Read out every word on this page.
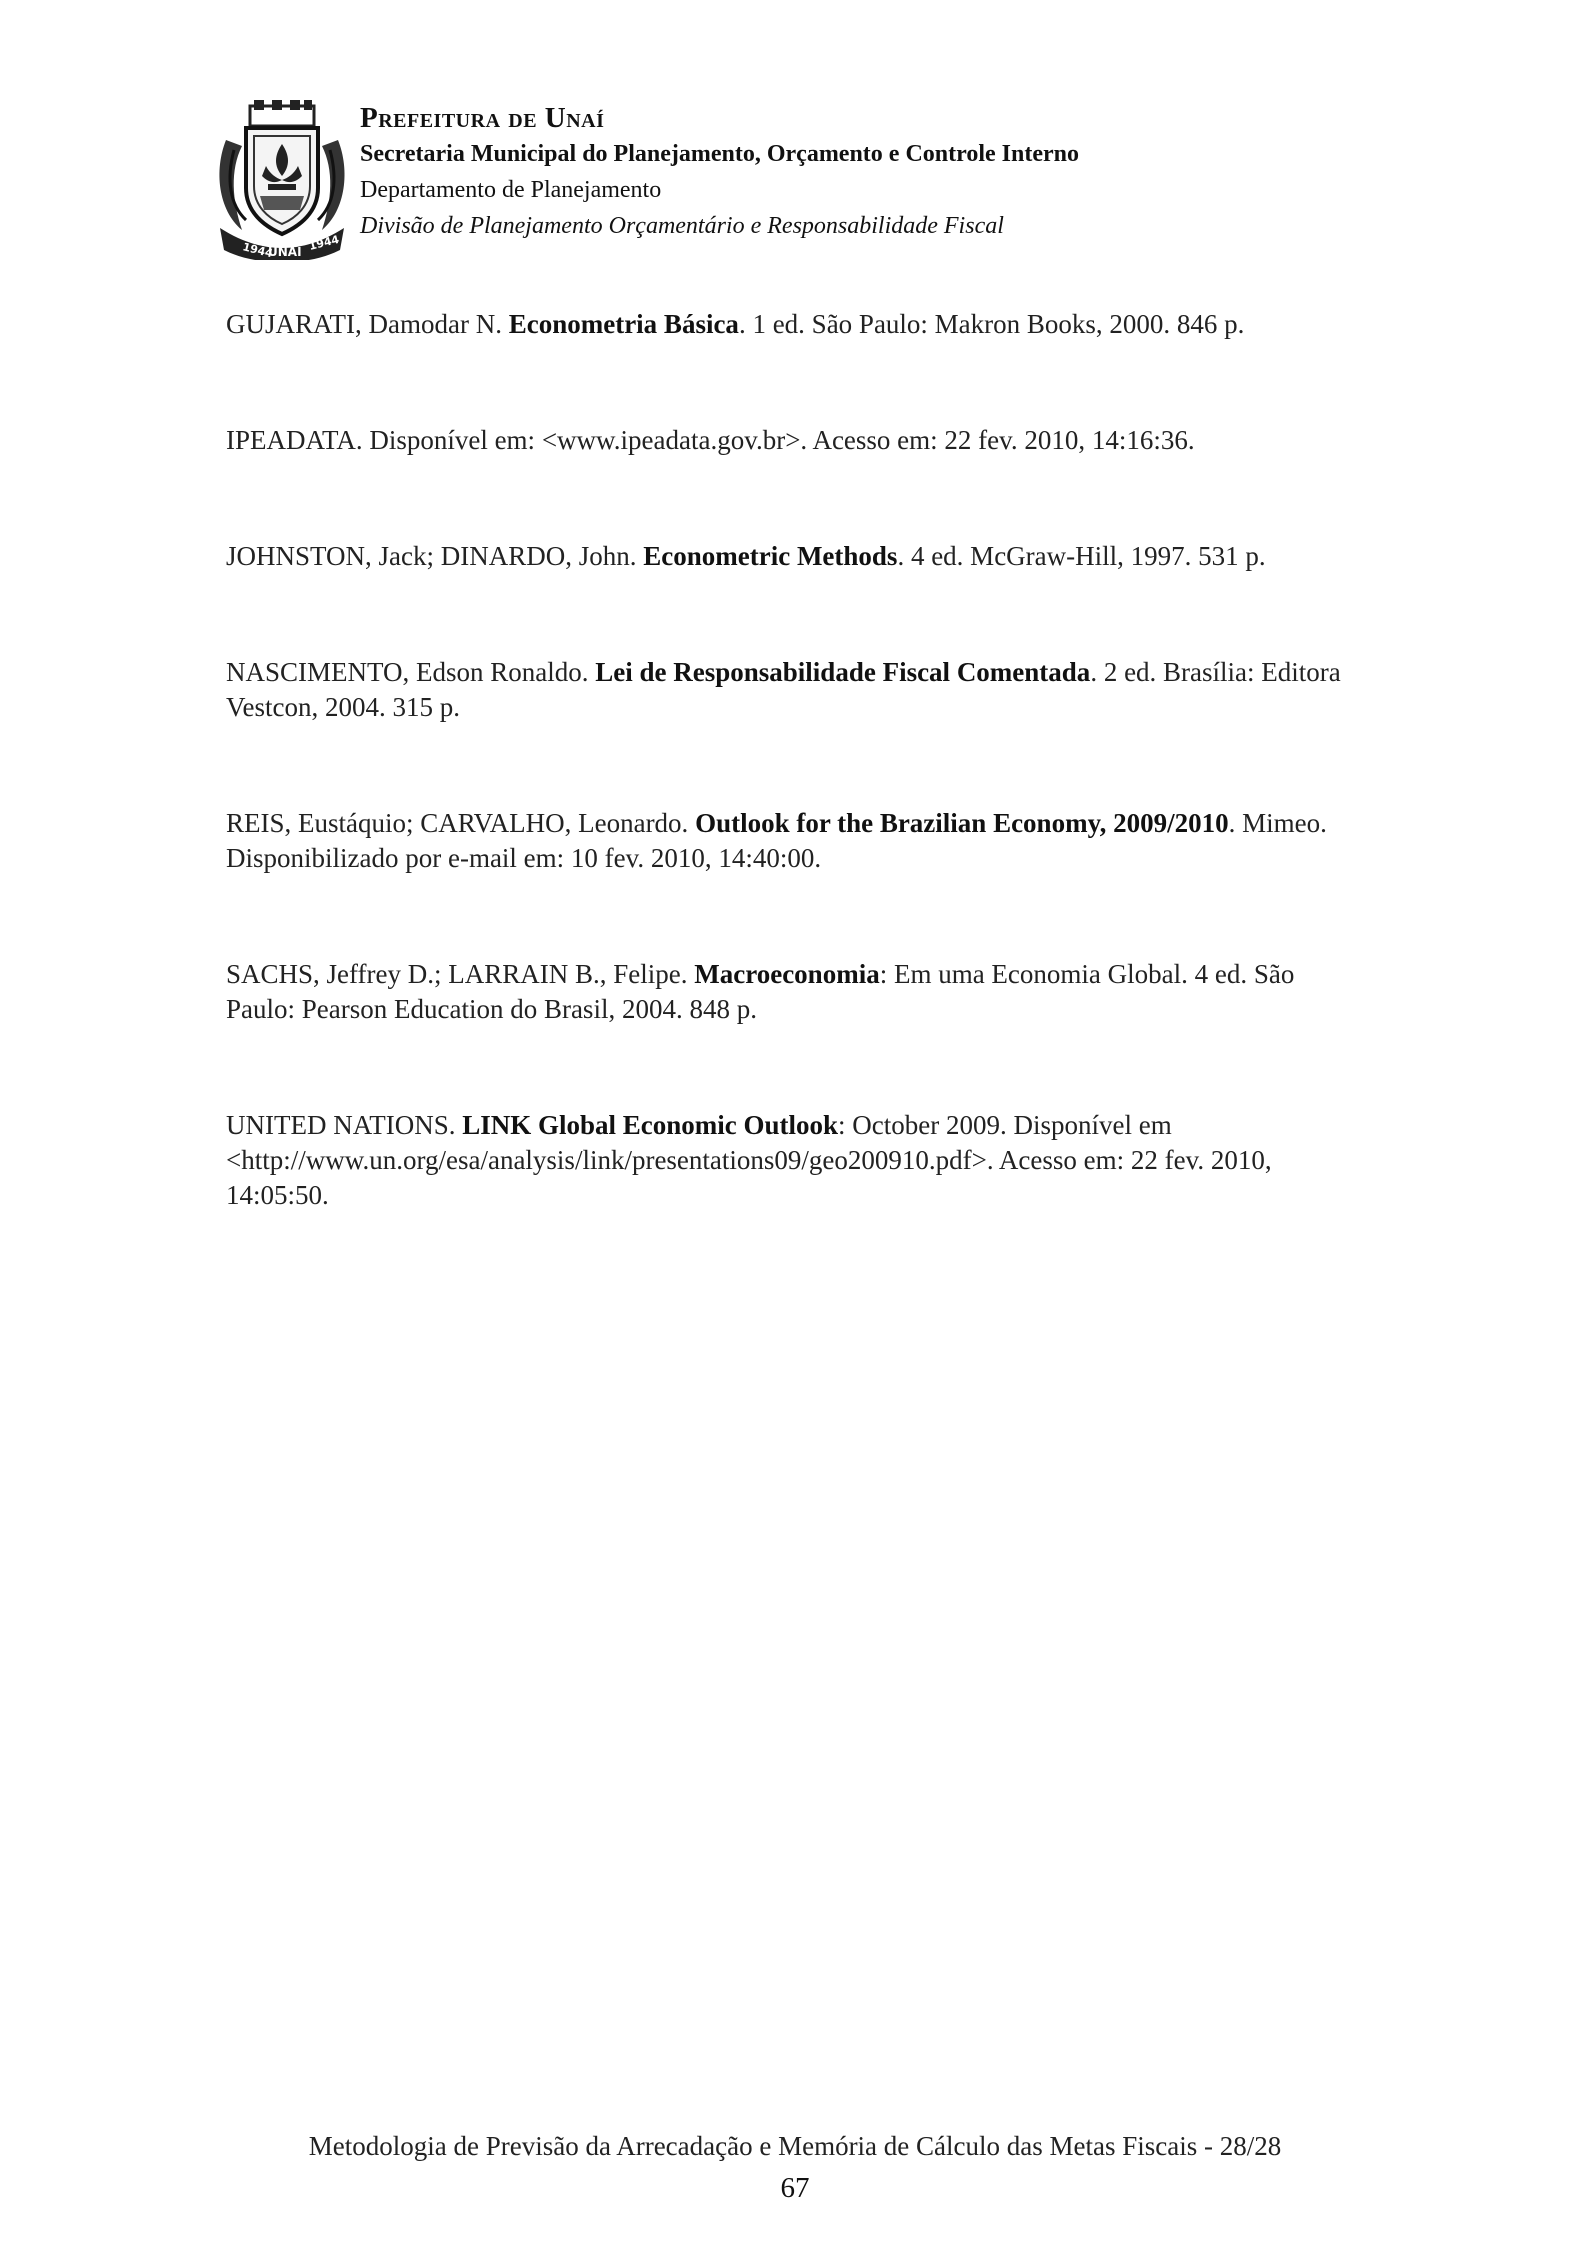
1944
UNAÍ 1944
Prefeitura de Unaí
Secretaria Municipal do Planejamento, Orçamento e Controle Interno
Departamento de Planejamento
Divisão de Planejamento Orçamentário e Responsabilidade Fiscal

GUJARATI, Damodar N. Econometria Básica. 1 ed. São Paulo: Makron Books, 2000. 846 p.

IPEADATA. Disponível em: <www.ipeadata.gov.br>. Acesso em: 22 fev. 2010, 14:16:36.

JOHNSTON, Jack; DINARDO, John. Econometric Methods. 4 ed. McGraw-Hill, 1997. 531 p.

NASCIMENTO, Edson Ronaldo. Lei de Responsabilidade Fiscal Comentada. 2 ed. Brasília: Editora Vestcon, 2004. 315 p.

REIS, Eustáquio; CARVALHO, Leonardo. Outlook for the Brazilian Economy, 2009/2010. Mimeo. Disponibilizado por e-mail em: 10 fev. 2010, 14:40:00.

SACHS, Jeffrey D.; LARRAIN B., Felipe. Macroeconomia: Em uma Economia Global. 4 ed. São Paulo: Pearson Education do Brasil, 2004. 848 p.

UNITED NATIONS. LINK Global Economic Outlook: October 2009. Disponível em <http://www.un.org/esa/analysis/link/presentations09/geo200910.pdf>. Acesso em: 22 fev. 2010, 14:05:50.

Metodologia de Previsão da Arrecadação e Memória de Cálculo das Metas Fiscais - 28/28
67
